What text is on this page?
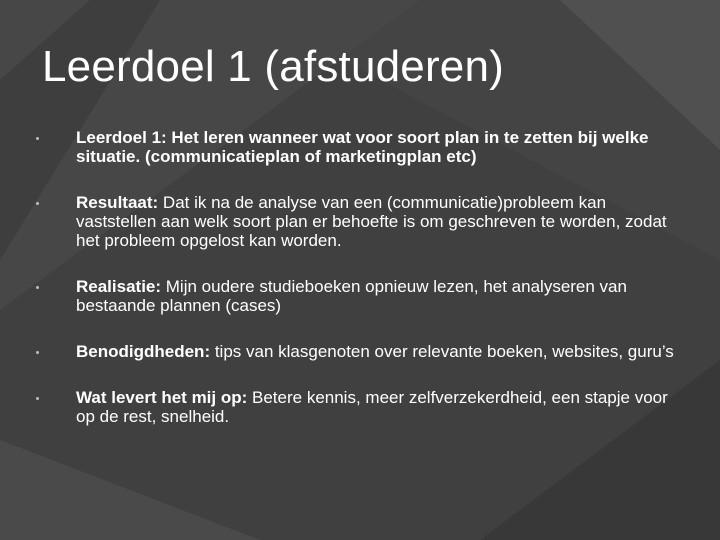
Leerdoel 1 (afstuderen)
Leerdoel 1: Het leren wanneer wat voor soort plan in te zetten bij welke situatie. (communicatieplan of marketingplan etc)
Resultaat: Dat ik na de analyse van een (communicatie)probleem kan vaststellen aan welk soort plan er behoefte is om geschreven te worden, zodat het probleem opgelost kan worden.
Realisatie: Mijn oudere studieboeken opnieuw lezen, het analyseren van bestaande plannen (cases)
Benodigdheden: tips van klasgenoten over relevante boeken, websites, guru’s
Wat levert het mij op: Betere kennis, meer zelfverzekerdheid, een stapje voor op de rest, snelheid.
